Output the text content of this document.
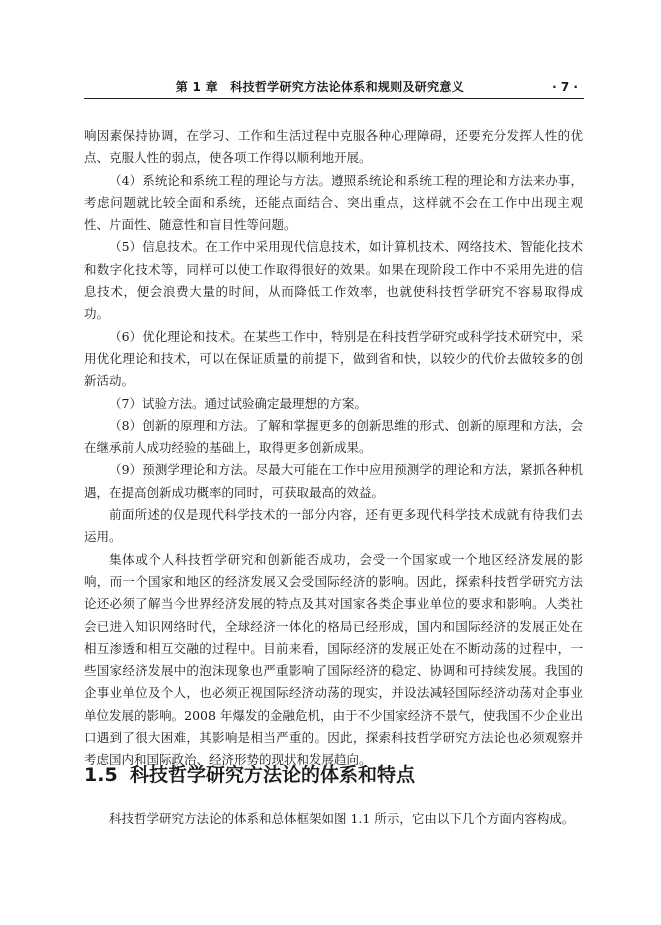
第 1 章　科技哲学研究方法论体系和规则及研究意义	· 7 ·

响因素保持协调，在学习、工作和生活过程中克服各种心理障碍，还要充分发挥人性的优点、克服人性的弱点，使各项工作得以顺利地开展。

（4）系统论和系统工程的理论与方法。遵照系统论和系统工程的理论和方法来办事，考虑问题就比较全面和系统，还能点面结合、突出重点，这样就不会在工作中出现主观性、片面性、随意性和盲目性等问题。

（5）信息技术。在工作中采用现代信息技术，如计算机技术、网络技术、智能化技术和数字化技术等，同样可以使工作取得很好的效果。如果在现阶段工作中不采用先进的信息技术，便会浪费大量的时间，从而降低工作效率，也就使科技哲学研究不容易取得成功。

（6）优化理论和技术。在某些工作中，特别是在科技哲学研究或科学技术研究中，采用优化理论和技术，可以在保证质量的前提下，做到省和快，以较少的代价去做较多的创新活动。

（7）试验方法。通过试验确定最理想的方案。

（8）创新的原理和方法。了解和掌握更多的创新思维的形式、创新的原理和方法，会在继承前人成功经验的基础上，取得更多创新成果。

（9）预测学理论和方法。尽最大可能在工作中应用预测学的理论和方法，紧抓各种机遇，在提高创新成功概率的同时，可获取最高的效益。

前面所述的仅是现代科学技术的一部分内容，还有更多现代科学技术成就有待我们去运用。

集体或个人科技哲学研究和创新能否成功，会受一个国家或一个地区经济发展的影响，而一个国家和地区的经济发展又会受国际经济的影响。因此，探索科技哲学研究方法论还必须了解当今世界经济发展的特点及其对国家各类企事业单位的要求和影响。人类社会已进入知识网络时代，全球经济一体化的格局已经形成，国内和国际经济的发展正处在相互渗透和相互交融的过程中。目前来看，国际经济的发展正处在不断动荡的过程中，一些国家经济发展中的泡沫现象也严重影响了国际经济的稳定、协调和可持续发展。我国的企事业单位及个人，也必须正视国际经济动荡的现实，并设法减轻国际经济动荡对企事业单位发展的影响。2008 年爆发的金融危机，由于不少国家经济不景气，使我国不少企业出口遇到了很大困难，其影响是相当严重的。因此，探索科技哲学研究方法论也必须观察并考虑国内和国际政治、经济形势的现状和发展趋向。

1.5 科技哲学研究方法论的体系和特点

科技哲学研究方法论的体系和总体框架如图 1.1 所示，它由以下几个方面内容构成。
